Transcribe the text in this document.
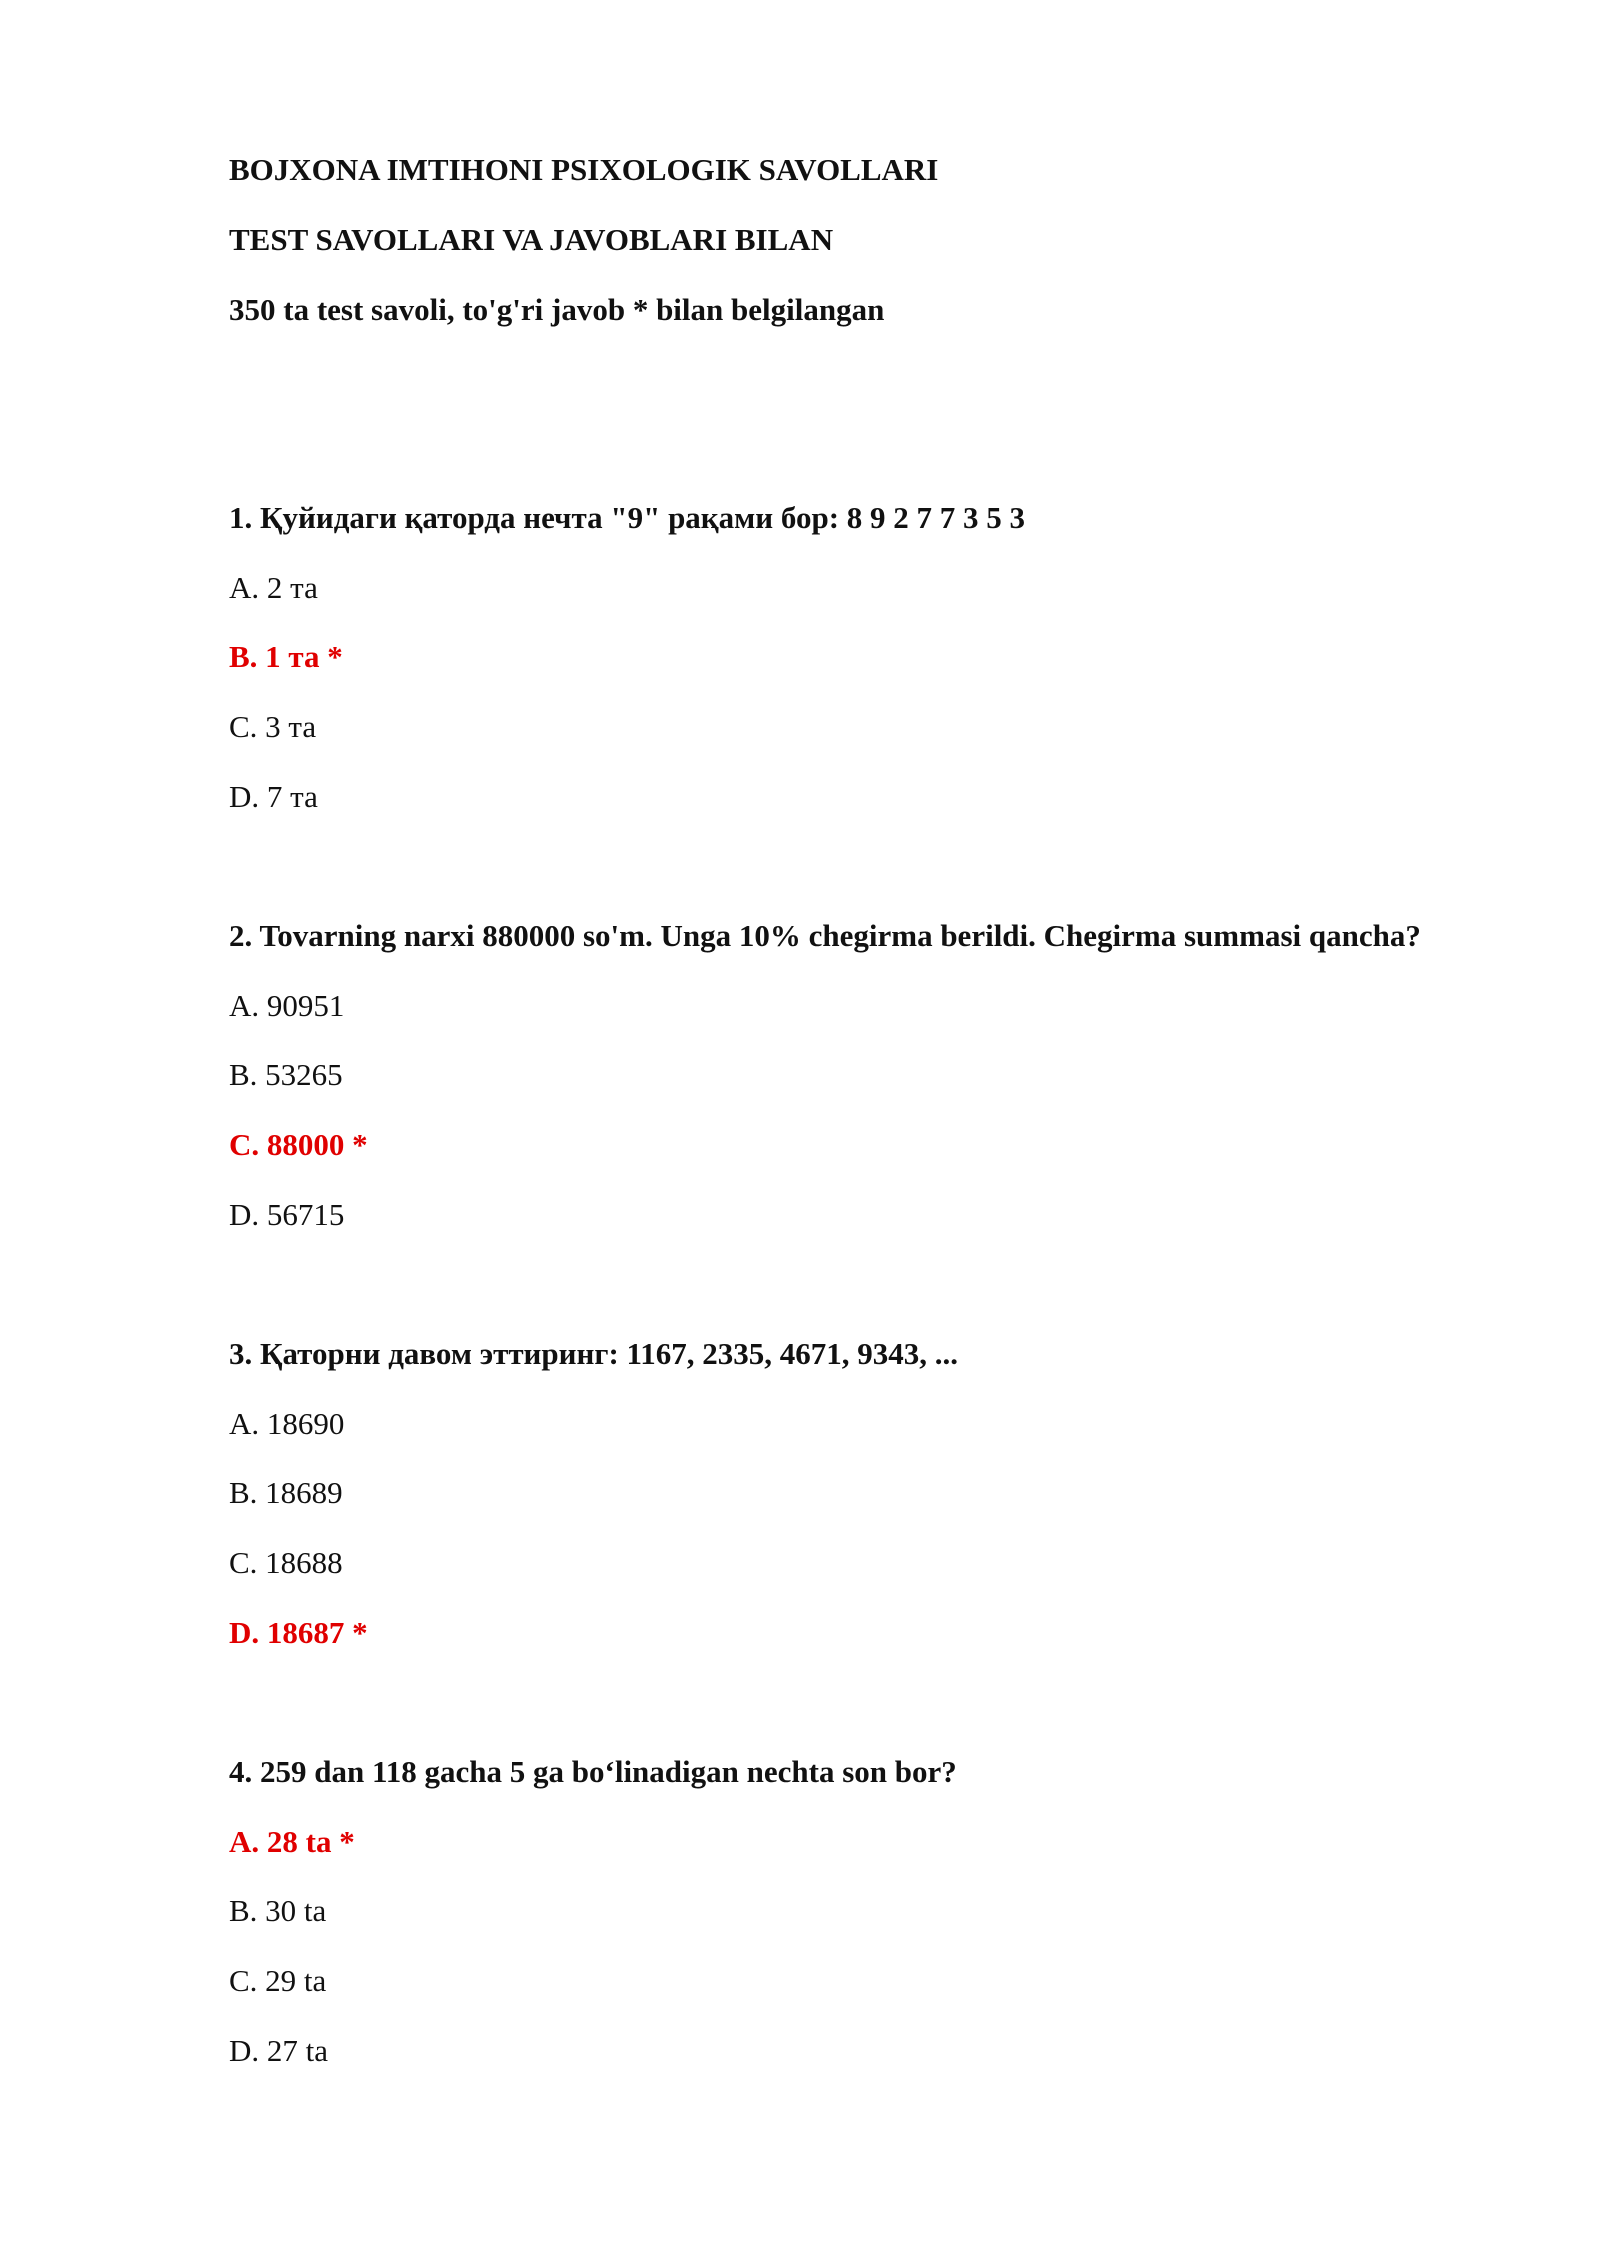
BOJXONA IMTIHONI PSIXOLOGIK SAVOLLARI
TEST SAVOLLARI VA JAVOBLARI BILAN
350 ta test savoli, to'g'ri javob * bilan belgilangan
1. Қуйидаги қаторда нечта "9" рақами бор: 8 9 2 7 7 3 5 3
A. 2 та
B. 1 та *
C. 3 та
D. 7 та
2. Tovarning narxi 880000 so'm. Unga 10% chegirma berildi. Chegirma summasi qancha?
A. 90951
B. 53265
C. 88000 *
D. 56715
3. Қаторни давом эттиринг: 1167, 2335, 4671, 9343, ...
A. 18690
B. 18689
C. 18688
D. 18687 *
4. 259 dan 118 gacha 5 ga bo‘linadigan nechta son bor?
A. 28 ta *
B. 30 ta
C. 29 ta
D. 27 ta
